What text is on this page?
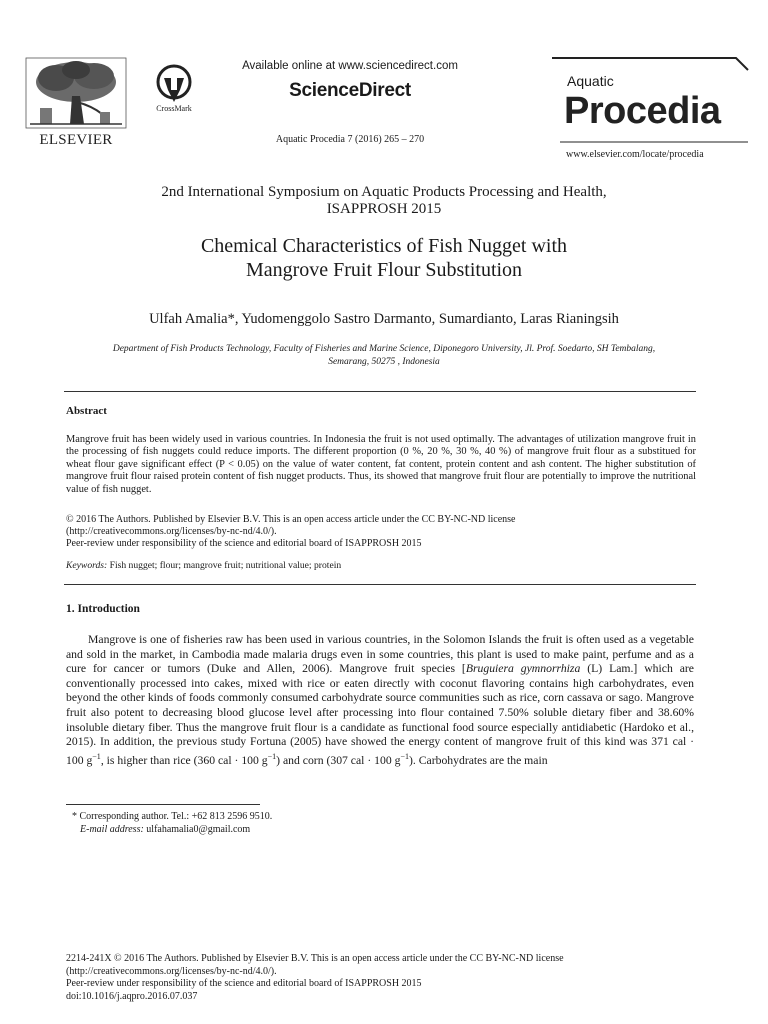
ELSEVIER
CrossMark
Available online at www.sciencedirect.com
ScienceDirect
Aquatic Procedia 7 (2016) 265 – 270
Aquatic
Procedia
www.elsevier.com/locate/procedia
2nd International Symposium on Aquatic Products Processing and Health,
ISAPPROSH 2015
Chemical Characteristics of Fish Nugget with
Mangrove Fruit Flour Substitution
Ulfah Amalia*, Yudomenggolo Sastro Darmanto, Sumardianto, Laras Rianingsih
Department of Fish Products Technology, Faculty of Fisheries and Marine Science, Diponegoro University, Jl. Prof. Soedarto, SH Tembalang,
Semarang, 50275 , Indonesia
Abstract
Mangrove fruit has been widely used in various countries. In Indonesia the fruit is not used optimally. The advantages of utilization mangrove fruit in the processing of fish nuggets could reduce imports. The different proportion (0 %, 20 %, 30 %, 40 %) of mangrove fruit flour as a substitued for wheat flour gave significant effect (P < 0.05) on the value of water content, fat content, protein content and ash content. The higher substitution of mangrove fruit flour raised protein content of fish nugget products. Thus, its showed that mangrove fruit flour are potentially to improve the nutritional value of fish nugget.
© 2016 The Authors. Published by Elsevier B.V. This is an open access article under the CC BY-NC-ND license
(http://creativecommons.org/licenses/by-nc-nd/4.0/).
Peer-review under responsibility of the science and editorial board of ISAPPROSH 2015
Keywords: Fish nugget; flour; mangrove fruit; nutritional value; protein
1. Introduction
Mangrove is one of fisheries raw has been used in various countries, in the Solomon Islands the fruit is often used as a vegetable and sold in the market, in Cambodia made malaria drugs even in some countries, this plant is used to make paint, perfume and as a cure for cancer or tumors (Duke and Allen, 2006). Mangrove fruit species [Bruguiera gymnorrhiza (L) Lam.] which are conventionally processed into cakes, mixed with rice or eaten directly with coconut flavoring contains high carbohydrates, even beyond the other kinds of foods commonly consumed carbohydrate source communities such as rice, corn cassava or sago. Mangrove fruit also potent to decreasing blood glucose level after processing into flour contained 7.50% soluble dietary fiber and 38.60% insoluble dietary fiber. Thus the mangrove fruit flour is a candidate as functional food source especially antidiabetic (Hardoko et al., 2015). In addition, the previous study Fortuna (2005) have showed the energy content of mangrove fruit of this kind was 371 cal · 100 $g^{-1}$, is higher than rice (360 cal · 100 $g^{-1}$) and corn (307 cal · 100 $g^{-1}$). Carbohydrates are the main
* Corresponding author. Tel.: +62 813 2596 9510.
E-mail address: ulfahamalia0@gmail.com
2214-241X © 2016 The Authors. Published by Elsevier B.V. This is an open access article under the CC BY-NC-ND license
(http://creativecommons.org/licenses/by-nc-nd/4.0/).
Peer-review under responsibility of the science and editorial board of ISAPPROSH 2015
doi:10.1016/j.aqpro.2016.07.037
